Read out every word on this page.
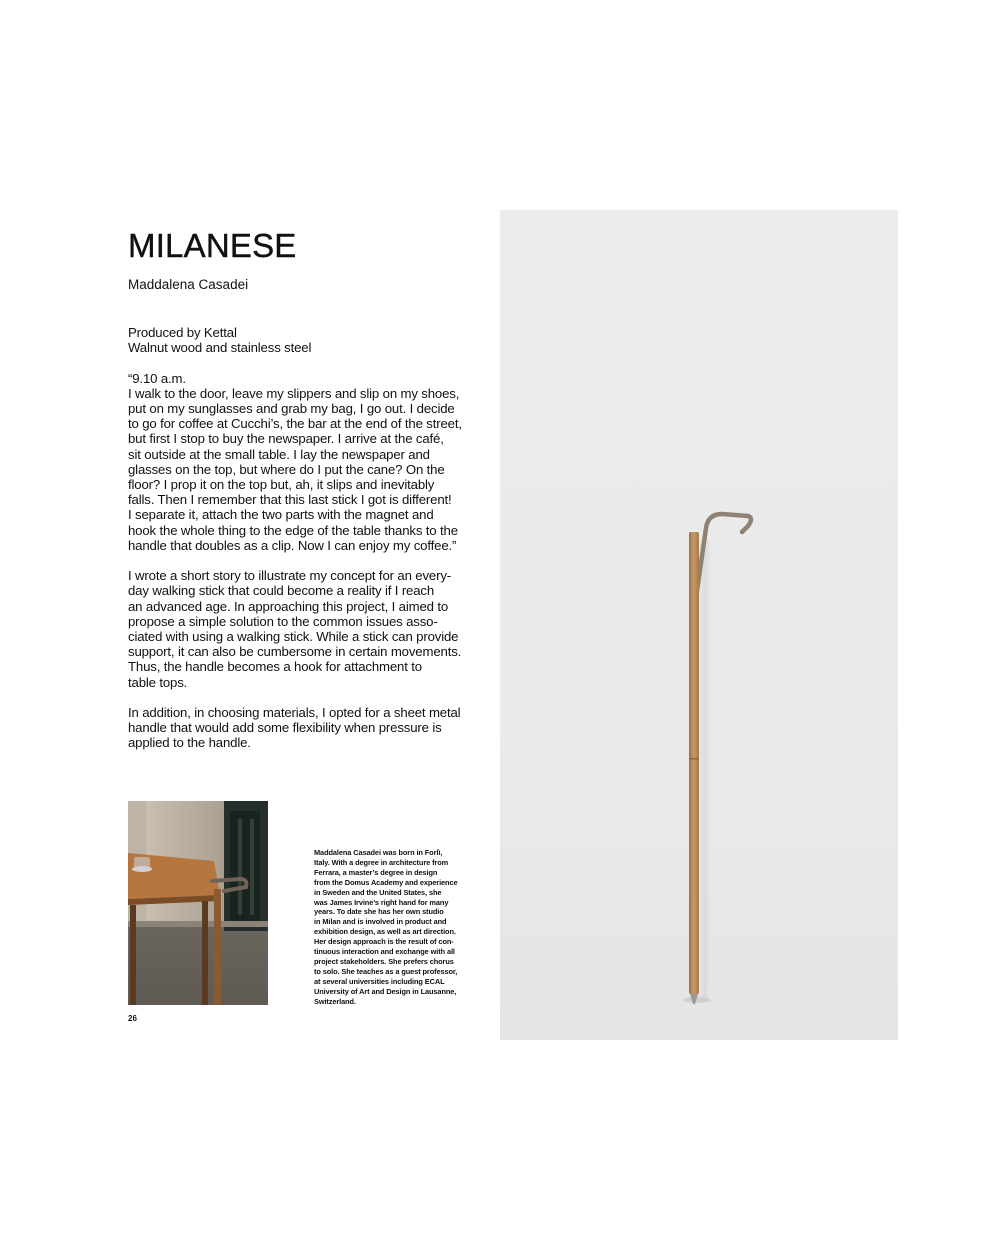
MILANESE
Maddalena Casadei

Produced by Kettal
Walnut wood and stainless steel

“9.10 a.m.
I walk to the door, leave my slippers and slip on my shoes,
put on my sunglasses and grab my bag, I go out. I decide
to go for coffee at Cucchi’s, the bar at the end of the street,
but first I stop to buy the newspaper. I arrive at the café,
sit outside at the small table. I lay the newspaper and
glasses on the top, but where do I put the cane? On the
floor? I prop it on the top but, ah, it slips and inevitably
falls. Then I remember that this last stick I got is different!
I separate it, attach the two parts with the magnet and
hook the whole thing to the edge of the table thanks to the
handle that doubles as a clip. Now I can enjoy my coffee.”

I wrote a short story to illustrate my concept for an every-
day walking stick that could become a reality if I reach
an advanced age. In approaching this project, I aimed to
propose a simple solution to the common issues asso-
ciated with using a walking stick. While a stick can provide
support, it can also be cumbersome in certain movements.
Thus, the handle becomes a hook for attachment to
table tops.

In addition, in choosing materials, I opted for a sheet metal
handle that would add some flexibility when pressure is
applied to the handle.

Maddalena Casadei was born in Forlì,
Italy. With a degree in architecture from
Ferrara, a master’s degree in design
from the Domus Academy and experience
in Sweden and the United States, she
was James Irvine’s right hand for many
years. To date she has her own studio
in Milan and is involved in product and
exhibition design, as well as art direction.
Her design approach is the result of con-
tinuous interaction and exchange with all
project stakeholders. She prefers chorus
to solo. She teaches as a guest professor,
at several universities including ECAL
University of Art and Design in Lausanne,
Switzerland.
26
